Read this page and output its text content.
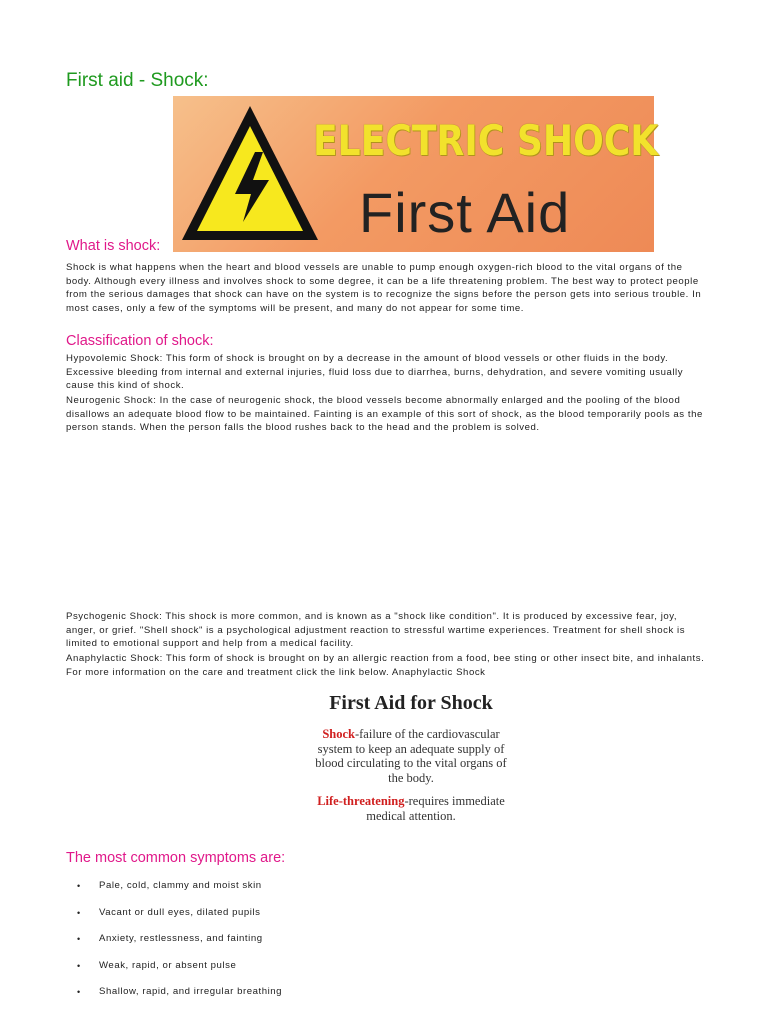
First aid - Shock:
ELECTRIC SHOCK
First Aid
What is shock:

Shock is what happens when the heart and blood vessels are unable to pump enough oxygen-rich blood to the vital organs of the body. Although every illness and involves shock to some degree, it can be a life threatening problem. The best way to protect people from the serious damages that shock can have on the system is to recognize the signs before the person gets into serious trouble. In most cases, only a few of the symptoms will be present, and many do not appear for some time.

Classification of shock:

Hypovolemic Shock: This form of shock is brought on by a decrease in the amount of blood vessels or other fluids in the body. Excessive bleeding from internal and external injuries, fluid loss due to diarrhea, burns, dehydration, and severe vomiting usually cause this kind of shock.

Neurogenic Shock: In the case of neurogenic shock, the blood vessels become abnormally enlarged and the pooling of the blood disallows an adequate blood flow to be maintained. Fainting is an example of this sort of shock, as the blood temporarily pools as the person stands. When the person falls the blood rushes back to the head and the problem is solved.

Psychogenic Shock: This shock is more common, and is known as a "shock like condition". It is produced by excessive fear, joy, anger, or grief. "Shell shock" is a psychological adjustment reaction to stressful wartime experiences. Treatment for shell shock is limited to emotional support and help from a medical facility.

Anaphylactic Shock: This form of shock is brought on by an allergic reaction from a food, bee sting or other insect bite, and inhalants. For more information on the care and treatment click the link below. Anaphylactic Shock

First Aid for Shock

Shock-failure of the cardiovascular system to keep an adequate supply of blood circulating to the vital organs of the body.

Life-threatening-requires immediate medical attention.

The most common symptoms are:
• Pale, cold, clammy and moist skin
• Vacant or dull eyes, dilated pupils
• Anxiety, restlessness, and fainting
• Weak, rapid, or absent pulse
• Shallow, rapid, and irregular breathing
